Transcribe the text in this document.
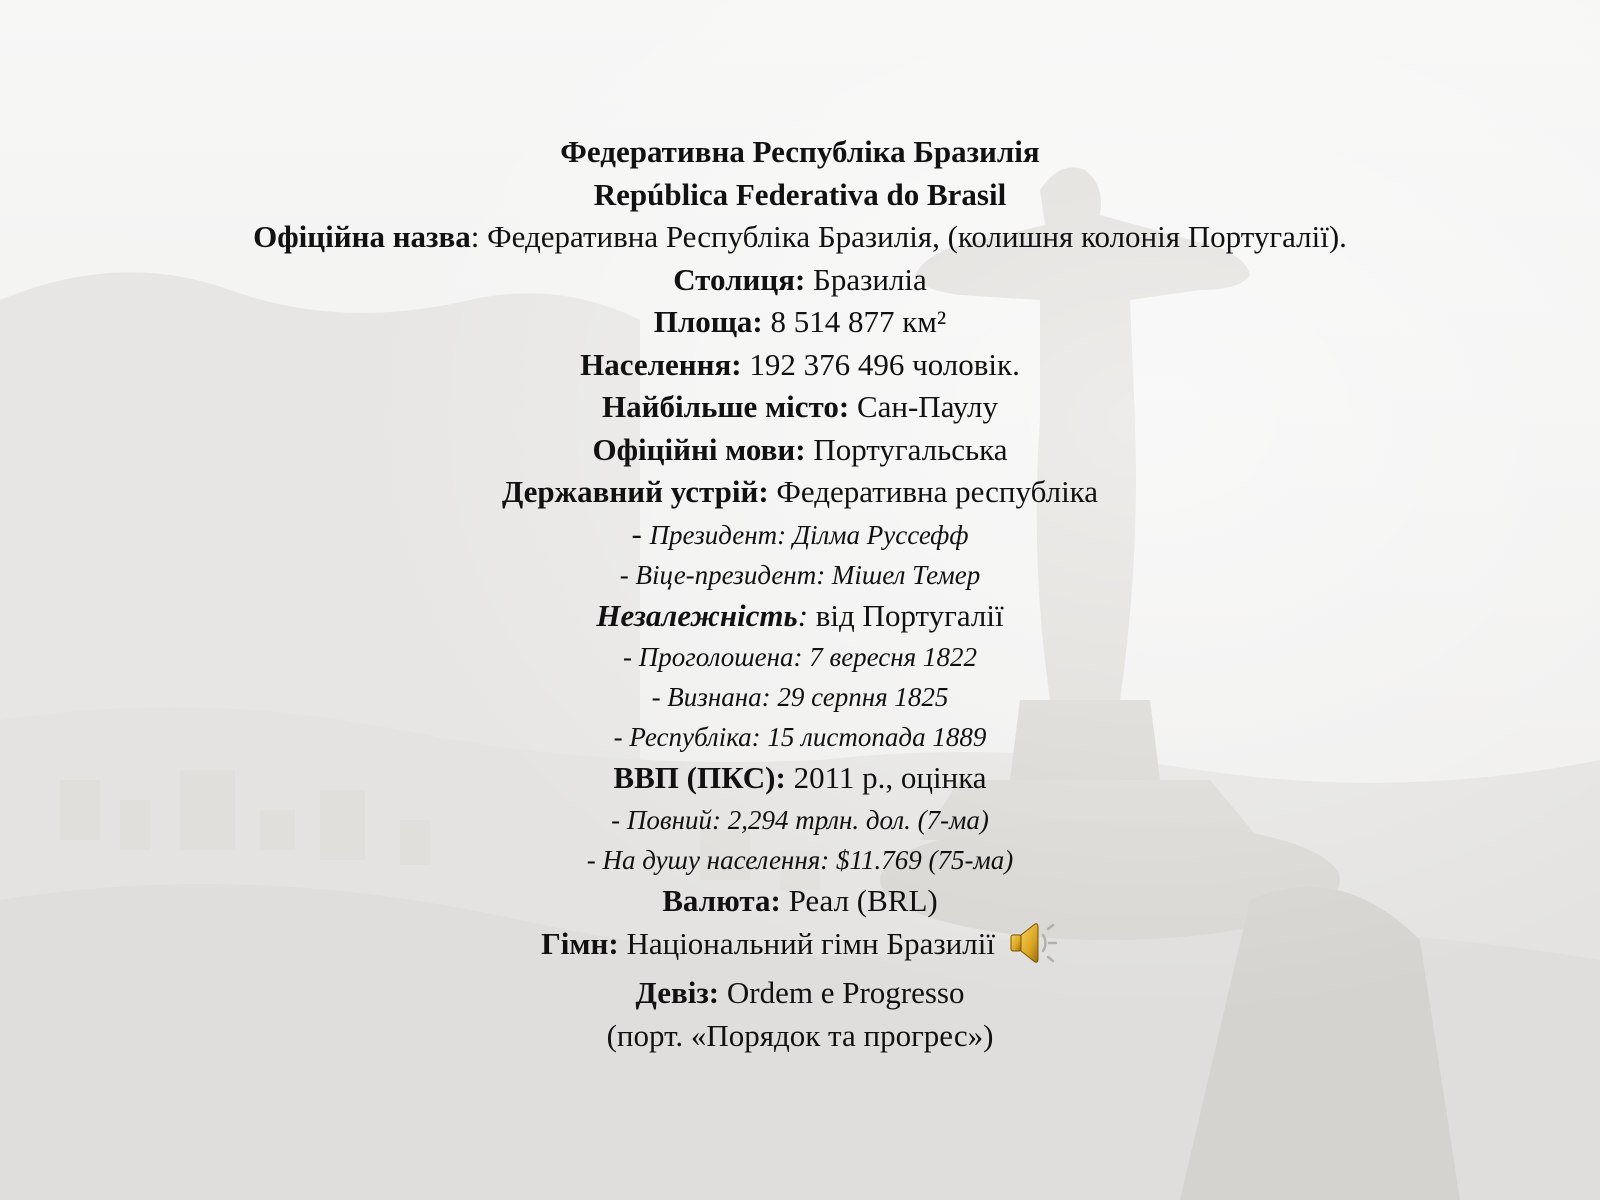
Федеративна Республіка Бразилія
República Federativa do Brasil
Офіційна назва: Федеративна Республіка Бразилія, (колишня колонія Португалії).
Столиця: Бразиліа
Площа: 8 514 877 км²
Населення: 192 376 496 чоловік.
Найбільше місто: Сан-Паулу
Офіційні мови: Португальська
Державний устрій: Федеративна республіка
- Президент: Ділма Руссефф
- Віце-президент: Мішел Темер
Незалежність: від Португалії
- Проголошена: 7 вересня 1822
- Визнана: 29 серпня 1825
- Республіка: 15 листопада 1889
ВВП (ПКС): 2011 р., оцінка
- Повний: 2,294 трлн. дол. (7-ма)
- На душу населення: $11.769 (75-ма)
Валюта: Реал (BRL)
Гімн: Національний гімн Бразилії
Девіз: Ordem e Progresso
(порт. «Порядок та прогрес»)
